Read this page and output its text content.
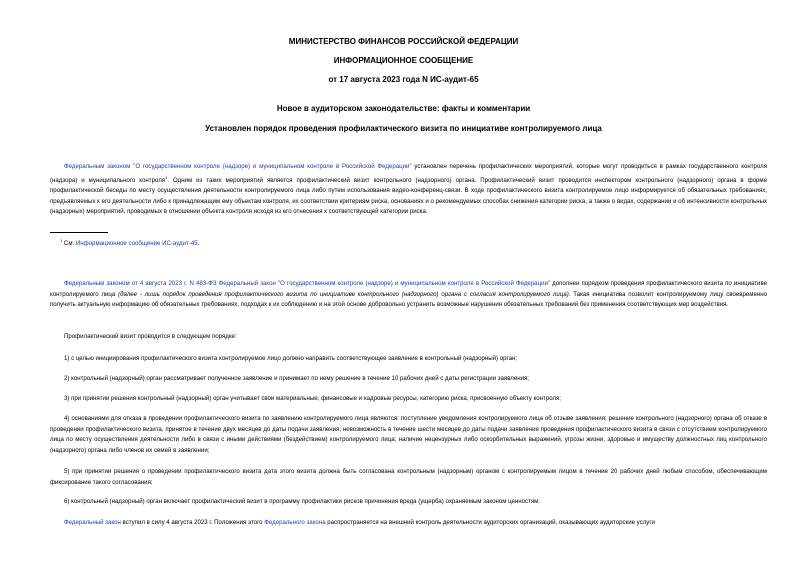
МИНИСТЕРСТВО ФИНАНСОВ РОССИЙСКОЙ ФЕДЕРАЦИИ
ИНФОРМАЦИОННОЕ СООБЩЕНИЕ
от 17 августа 2023 года N ИС-аудит-65
Новое в аудиторском законодательстве: факты и комментарии
Установлен порядок проведения профилактического визита по инициативе контролируемого лица
Федеральным законом "О государственном контроле (надзоре) и муниципальном контроле в Российской Федерации" установлен перечень профилактических мероприятий, которые могут проводиться в рамках государственного контроля (надзора) и муниципального контроля$^1$. Одним из таких мероприятий является профилактический визит контрольного (надзорного) органа. Профилактический визит проводится инспектором контрольного (надзорного) органа в форме профилактической беседы по месту осуществления деятельности контролируемого лица либо путем использования видео-конференц-связи. В ходе профилактического визита контролируемое лицо информируется об обязательных требованиях, предъявляемых к его деятельности либо к принадлежащим ему объектам контроля, их соответствии критериям риска, основаниях и о рекомендуемых способах снижения категории риска, а также о видах, содержании и об интенсивности контрольных (надзорных) мероприятий, проводимых в отношении объекта контроля исходя из его отнесения к соответствующей категории риска.
$^1$ См. Информационное сообщение ИС-аудит-45.
Федеральным законом от 4 августа 2023 г. N 483-ФЗ Федеральный закон "О государственном контроле (надзоре) и муниципальном контроле в Российской Федерации" дополнен порядком проведения профилактического визита по инициативе контролируемого лица (далее - лишь порядок проведения профилактического визита по инициативе контрольного (надзорного) органа с согласия контролируемого лица). Такая инициатива позволит контролируемому лицу своевременно получить актуальную информацию об обязательных требованиях, подходах к их соблюдению и на этой основе добровольно устранить возможные нарушения обязательных требований без применения соответствующих мер воздействия.
Профилактический визит проводится в следующем порядке:
1) с целью инициирования профилактического визита контролируемое лицо должно направить соответствующее заявление в контрольный (надзорный) орган;
2) контрольный (надзорный) орган рассматривает полученное заявление и принимает по нему решение в течение 10 рабочих дней с даты регистрации заявления;
3) при принятии решения контрольный (надзорный) орган учитывает свои материальные, финансовые и кадровые ресурсы, категорию риска, присвоенную объекту контроля;
4) основаниями для отказа в проведении профилактического визита по заявлению контролируемого лица являются: поступление уведомления контролируемого лица об отзыве заявления; решение контрольного (надзорного) органа об отказе в проведении профилактического визита, принятое в течение двух месяцев до даты подачи заявления; невозможность в течение шести месяцев до даты подачи заявления проведения профилактического визита в связи с отсутствием контролируемого лица по месту осуществления деятельности либо в связи с иными действиями (бездействием) контролируемого лица; наличие нецензурных либо оскорбительных выражений, угрозы жизни, здоровью и имуществу должностных лиц контрольного (надзорного) органа либо членов их семей в заявлении;
5) при принятии решения о проведении профилактического визита дата этого визита должна быть согласована контрольным (надзорным) органом с контролируемым лицом в течение 20 рабочих дней любым способом, обеспечивающим фиксирование такого согласования;
6) контрольный (надзорный) орган включает профилактический визит в программу профилактики рисков причинения вреда (ущерба) охраняемым законом ценностям.
Федеральный закон вступил в силу 4 августа 2023 г. Положения этого Федерального закона распространяется на внешний контроль деятельности аудиторских организаций, оказывающих аудиторские услуги
